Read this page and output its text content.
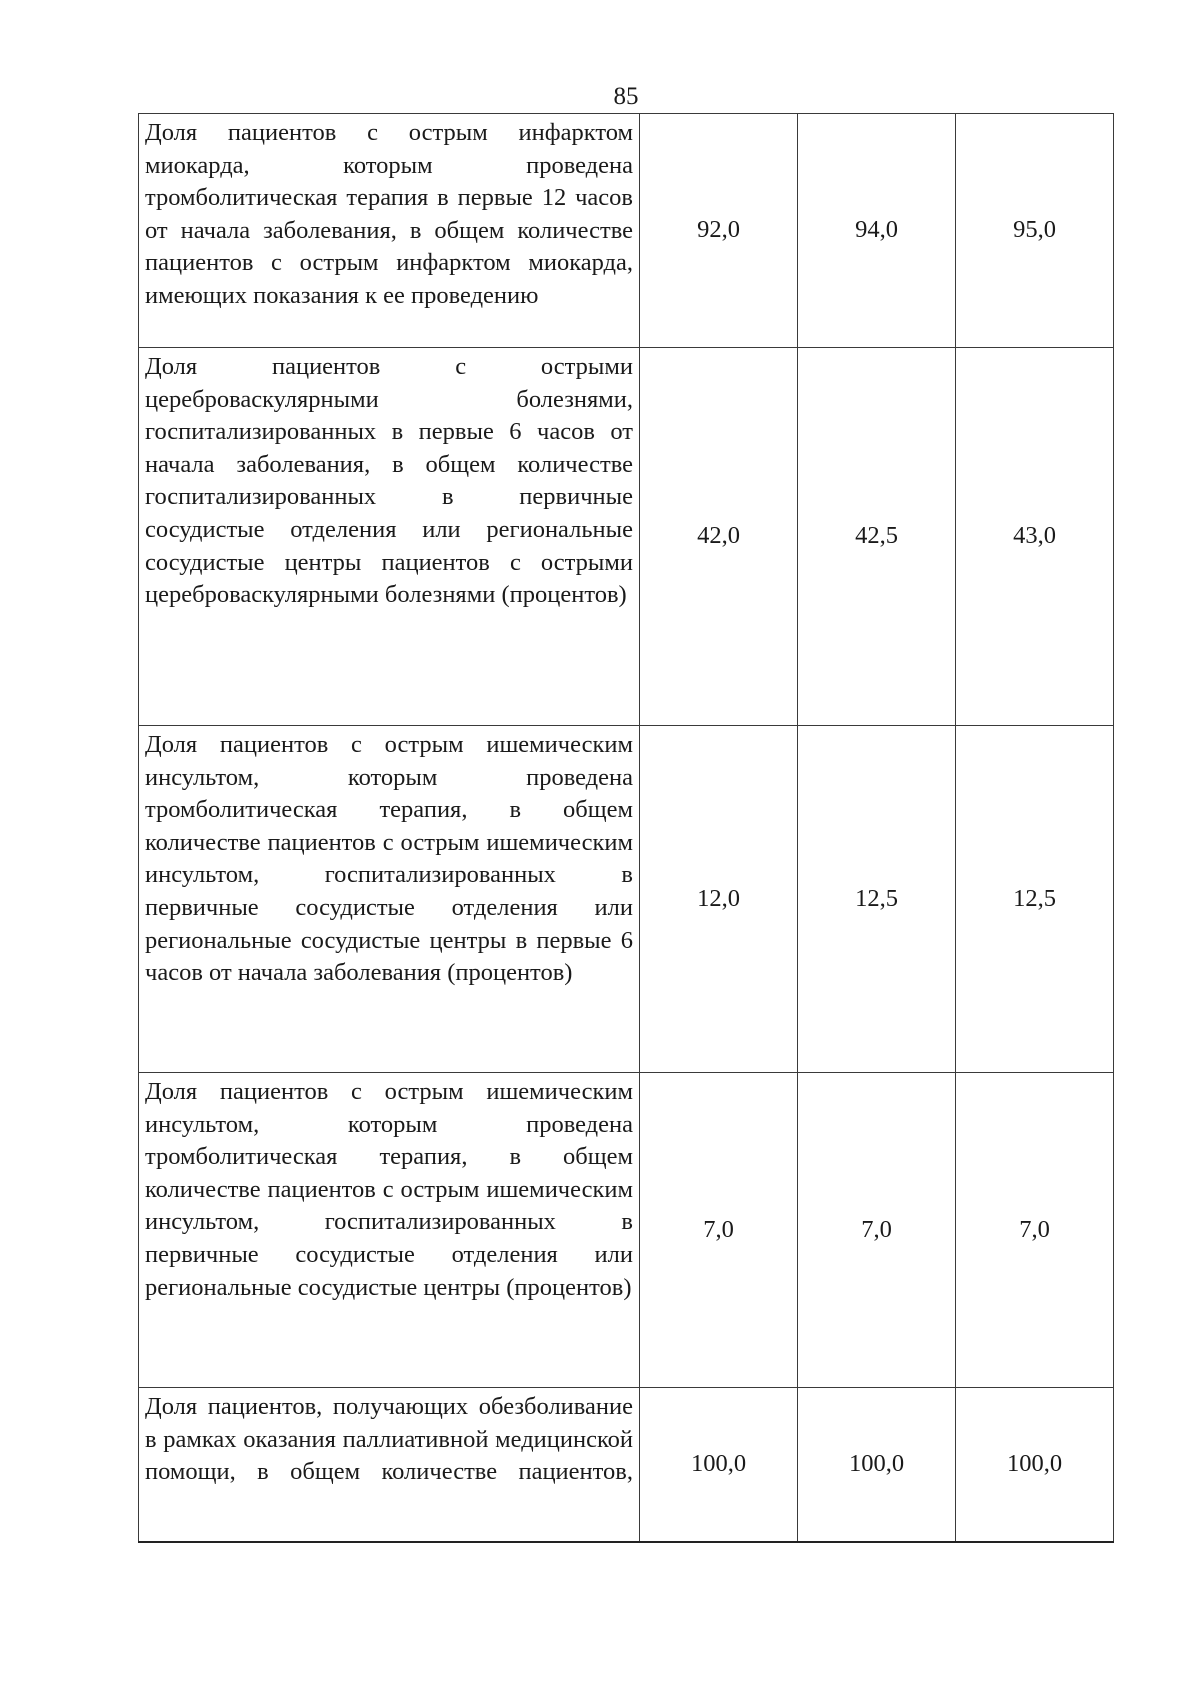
85
Доля пациентов с острым инфарктом миокарда, которым проведена тромболитическая терапия в первые 12 часов от начала заболевания, в общем количестве пациентов с острым инфарктом миокарда, имеющих показания к ее проведению	92,0	94,0	95,0
Доля пациентов с острыми цереброваскулярными болезнями, госпитализированных в первые 6 часов от начала заболевания, в общем количестве госпитализированных в первичные сосудистые отделения или региональные сосудистые центры пациентов с острыми цереброваскулярными болезнями (процентов)	42,0	42,5	43,0
Доля пациентов с острым ишемическим инсультом, которым проведена тромболитическая терапия, в общем количестве пациентов с острым ишемическим инсультом, госпитализированных в первичные сосудистые отделения или региональные сосудистые центры в первые 6 часов от начала заболевания (процентов)	12,0	12,5	12,5
Доля пациентов с острым ишемическим инсультом, которым проведена тромболитическая терапия, в общем количестве пациентов с острым ишемическим инсультом, госпитализированных в первичные сосудистые отделения или региональные сосудистые центры (процентов)	7,0	7,0	7,0
Доля пациентов, получающих обезболивание в рамках оказания паллиативной медицинской помощи, в общем количестве пациентов,	100,0	100,0	100,0
